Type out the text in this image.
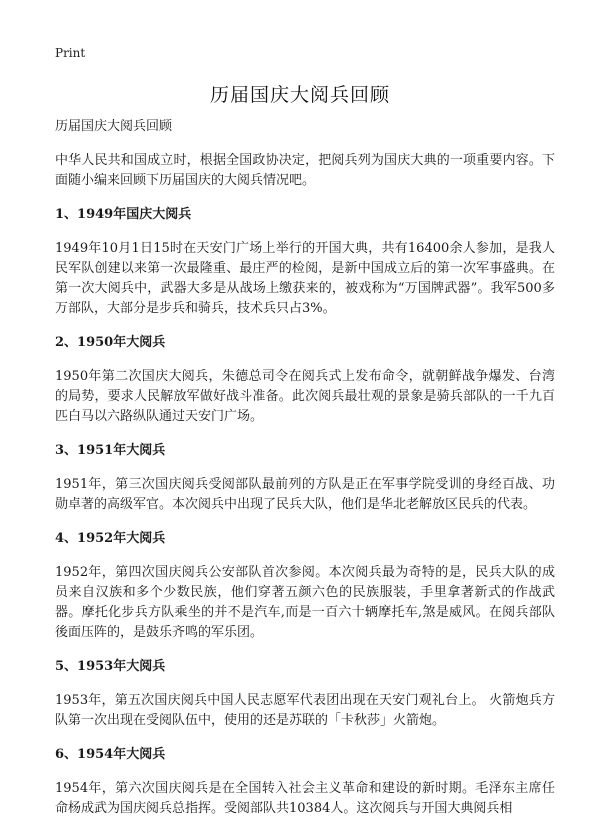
Print
历届国庆大阅兵回顾

历届国庆大阅兵回顾

中华人民共和国成立时，根据全国政协决定，把阅兵列为国庆大典的一项重要内容。下面随小编来回顾下历届国庆的大阅兵情况吧。

1、1949年国庆大阅兵

1949年10月1日15时在天安门广场上举行的开国大典，共有16400余人参加，是我人民军队创建以来第一次最隆重、最庄严的检阅，是新中国成立后的第一次军事盛典。在第一次大阅兵中，武器大多是从战场上缴获来的，被戏称为“万国牌武器”。我军500多万部队，大部分是步兵和骑兵，技术兵只占3%。

2、1950年大阅兵

1950年第二次国庆大阅兵，朱德总司令在阅兵式上发布命令，就朝鲜战争爆发、台湾的局势，要求人民解放军做好战斗准备。此次阅兵最壮观的景象是骑兵部队的一千九百匹白马以六路纵队通过天安门广场。

3、1951年大阅兵

1951年，第三次国庆阅兵受阅部队最前列的方队是正在军事学院受训的身经百战、功勋卓著的高级军官。本次阅兵中出现了民兵大队，他们是华北老解放区民兵的代表。

4、1952年大阅兵

1952年，第四次国庆阅兵公安部队首次参阅。本次阅兵最为奇特的是，民兵大队的成员来自汉族和多个少数民族，他们穿著五颜六色的民族服装，手里拿著新式的作战武器。摩托化步兵方队乘坐的并不是汽车,而是一百六十辆摩托车,煞是威风。在阅兵部队後面压阵的，是鼓乐齐鸣的军乐团。

5、1953年大阅兵

1953年，第五次国庆阅兵中国人民志愿军代表团出现在天安门观礼台上。 火箭炮兵方队第一次出现在受阅队伍中，使用的还是苏联的「卡秋莎」火箭炮。

6、1954年大阅兵

1954年，第六次国庆阅兵是在全国转入社会主义革命和建设的新时期。毛泽东主席任命杨成武为国庆阅兵总指挥。受阅部队共10384人。这次阅兵与开国大典阅兵相
